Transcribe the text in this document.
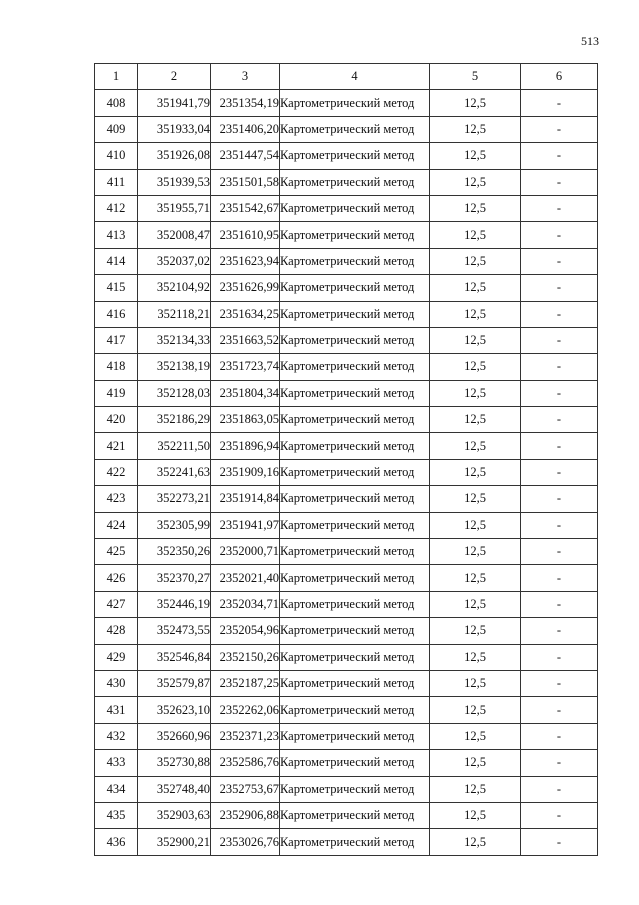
513
1	2	3	4	5	6
408	351941,79	2351354,19	Картометрический метод	12,5	-
409	351933,04	2351406,20	Картометрический метод	12,5	-
410	351926,08	2351447,54	Картометрический метод	12,5	-
411	351939,53	2351501,58	Картометрический метод	12,5	-
412	351955,71	2351542,67	Картометрический метод	12,5	-
413	352008,47	2351610,95	Картометрический метод	12,5	-
414	352037,02	2351623,94	Картометрический метод	12,5	-
415	352104,92	2351626,99	Картометрический метод	12,5	-
416	352118,21	2351634,25	Картометрический метод	12,5	-
417	352134,33	2351663,52	Картометрический метод	12,5	-
418	352138,19	2351723,74	Картометрический метод	12,5	-
419	352128,03	2351804,34	Картометрический метод	12,5	-
420	352186,29	2351863,05	Картометрический метод	12,5	-
421	352211,50	2351896,94	Картометрический метод	12,5	-
422	352241,63	2351909,16	Картометрический метод	12,5	-
423	352273,21	2351914,84	Картометрический метод	12,5	-
424	352305,99	2351941,97	Картометрический метод	12,5	-
425	352350,26	2352000,71	Картометрический метод	12,5	-
426	352370,27	2352021,40	Картометрический метод	12,5	-
427	352446,19	2352034,71	Картометрический метод	12,5	-
428	352473,55	2352054,96	Картометрический метод	12,5	-
429	352546,84	2352150,26	Картометрический метод	12,5	-
430	352579,87	2352187,25	Картометрический метод	12,5	-
431	352623,10	2352262,06	Картометрический метод	12,5	-
432	352660,96	2352371,23	Картометрический метод	12,5	-
433	352730,88	2352586,76	Картометрический метод	12,5	-
434	352748,40	2352753,67	Картометрический метод	12,5	-
435	352903,63	2352906,88	Картометрический метод	12,5	-
436	352900,21	2353026,76	Картометрический метод	12,5	-
